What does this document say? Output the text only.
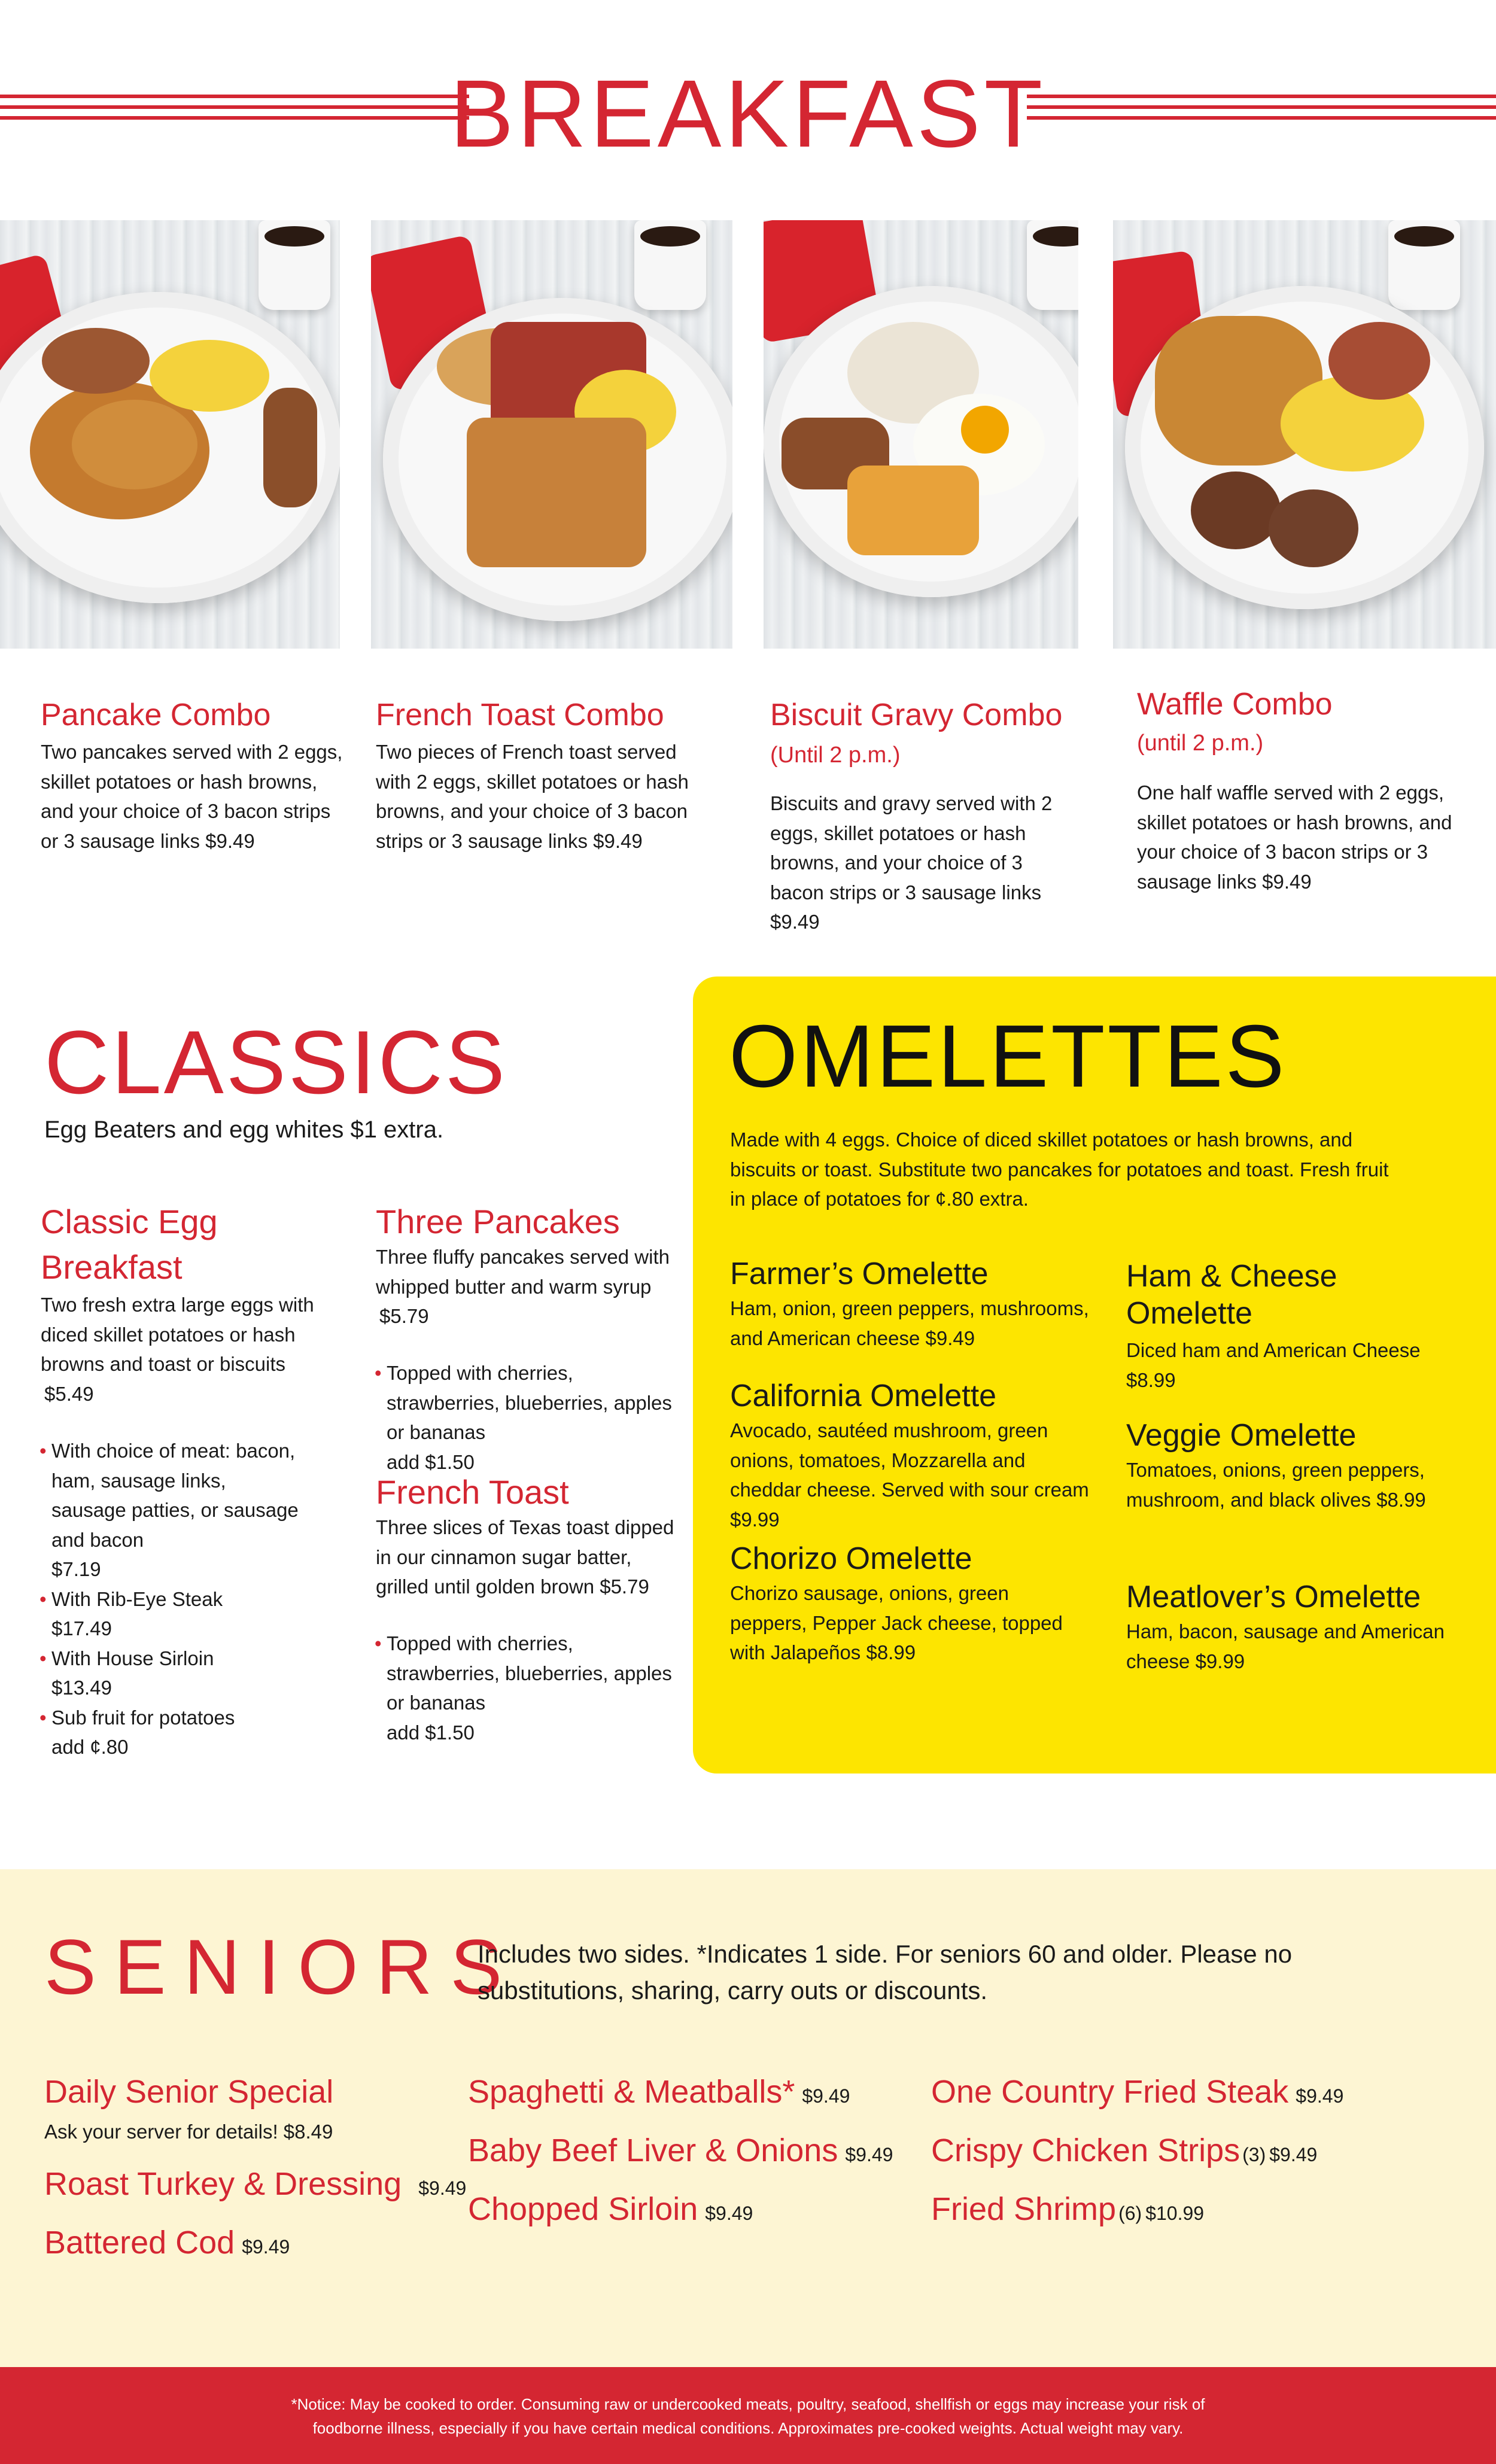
BREAKFAST
Pancake Combo
Two pancakes served with 2 eggs, skillet potatoes or hash browns, and your choice of 3 bacon strips or 3 sausage links $9.49
French Toast Combo
Two pieces of French toast served with 2 eggs, skillet potatoes or hash browns, and your choice of 3 bacon strips or 3 sausage links $9.49
Biscuit Gravy Combo
(Until 2 p.m.)
Biscuits and gravy served with 2 eggs, skillet potatoes or hash browns, and your choice of 3 bacon strips or 3 sausage links $9.49
Waffle Combo
(until 2 p.m.)
One half waffle served with 2 eggs, skillet potatoes or hash browns, and your choice of 3 bacon strips or 3 sausage links $9.49
CLASSICS
Egg Beaters and egg whites $1 extra.
Classic Egg
Breakfast
Two fresh extra large eggs with diced skillet potatoes or hash browns and toast or biscuits
$5.49
• With choice of meat: bacon, ham, sausage links, sausage patties, or sausage and bacon
$7.19
• With Rib-Eye Steak
$17.49
• With House Sirloin
$13.49
• Sub fruit for potatoes
add ¢.80
Three Pancakes
Three fluffy pancakes served with whipped butter and warm syrup
$5.79
• Topped with cherries, strawberries, blueberries, apples or bananas
add $1.50
French Toast
Three slices of Texas toast dipped in our cinnamon sugar batter, grilled until golden brown $5.79
• Topped with cherries, strawberries, blueberries, apples or bananas
add $1.50
OMELETTES
Made with 4 eggs. Choice of diced skillet potatoes or hash browns, and biscuits or toast. Substitute two pancakes for potatoes and toast. Fresh fruit in place of potatoes for ¢.80 extra.
Farmer’s Omelette
Ham, onion, green peppers, mushrooms, and American cheese $9.49
California Omelette
Avocado, sautéed mushroom, green onions, tomatoes, Mozzarella and cheddar cheese. Served with sour cream $9.99
Chorizo Omelette
Chorizo sausage, onions, green peppers, Pepper Jack cheese, topped with Jalapeños $8.99
Ham & Cheese Omelette
Diced ham and American Cheese $8.99
Veggie Omelette
Tomatoes, onions, green peppers, mushroom, and black olives $8.99
Meatlover’s Omelette
Ham, bacon, sausage and American cheese $9.99
SENIORS
Includes two sides. *Indicates 1 side. For seniors 60 and older. Please no substitutions, sharing, carry outs or discounts.
Daily Senior Special
Ask your server for details! $8.49
Roast Turkey & Dressing $9.49
Battered Cod $9.49
Spaghetti & Meatballs* $9.49
Baby Beef Liver & Onions $9.49
Chopped Sirloin $9.49
One Country Fried Steak $9.49
Crispy Chicken Strips (3) $9.49
Fried Shrimp (6) $10.99

*Notice: May be cooked to order. Consuming raw or undercooked meats, poultry, seafood, shellfish or eggs may increase your risk of foodborne illness, especially if you have certain medical conditions. Approximates pre-cooked weights. Actual weight may vary.
